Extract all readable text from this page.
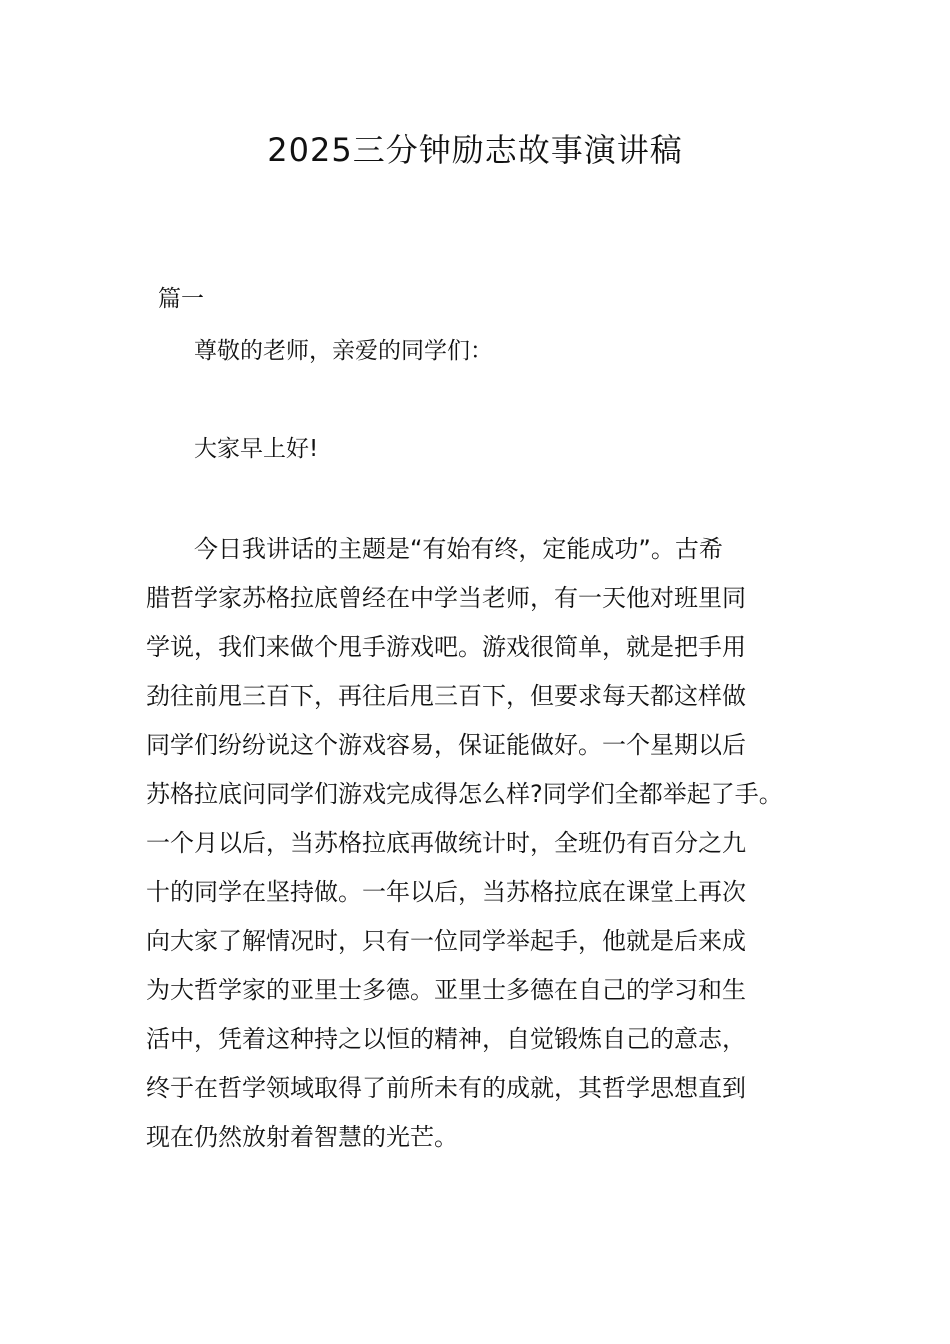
2025三分钟励志故事演讲稿

篇一

尊敬的老师，亲爱的同学们：

大家早上好!

今日我讲话的主题是“有始有终，定能成功”。古希
腊哲学家苏格拉底曾经在中学当老师，有一天他对班里同
学说，我们来做个甩手游戏吧。游戏很简单，就是把手用
劲往前甩三百下，再往后甩三百下，但要求每天都这样做
同学们纷纷说这个游戏容易，保证能做好。一个星期以后
苏格拉底问同学们游戏完成得怎么样?同学们全都举起了手。
一个月以后，当苏格拉底再做统计时，全班仍有百分之九
十的同学在坚持做。一年以后，当苏格拉底在课堂上再次
向大家了解情况时，只有一位同学举起手，他就是后来成
为大哲学家的亚里士多德。亚里士多德在自己的学习和生
活中，凭着这种持之以恒的精神，自觉锻炼自己的意志，
终于在哲学领域取得了前所未有的成就，其哲学思想直到
现在仍然放射着智慧的光芒。
